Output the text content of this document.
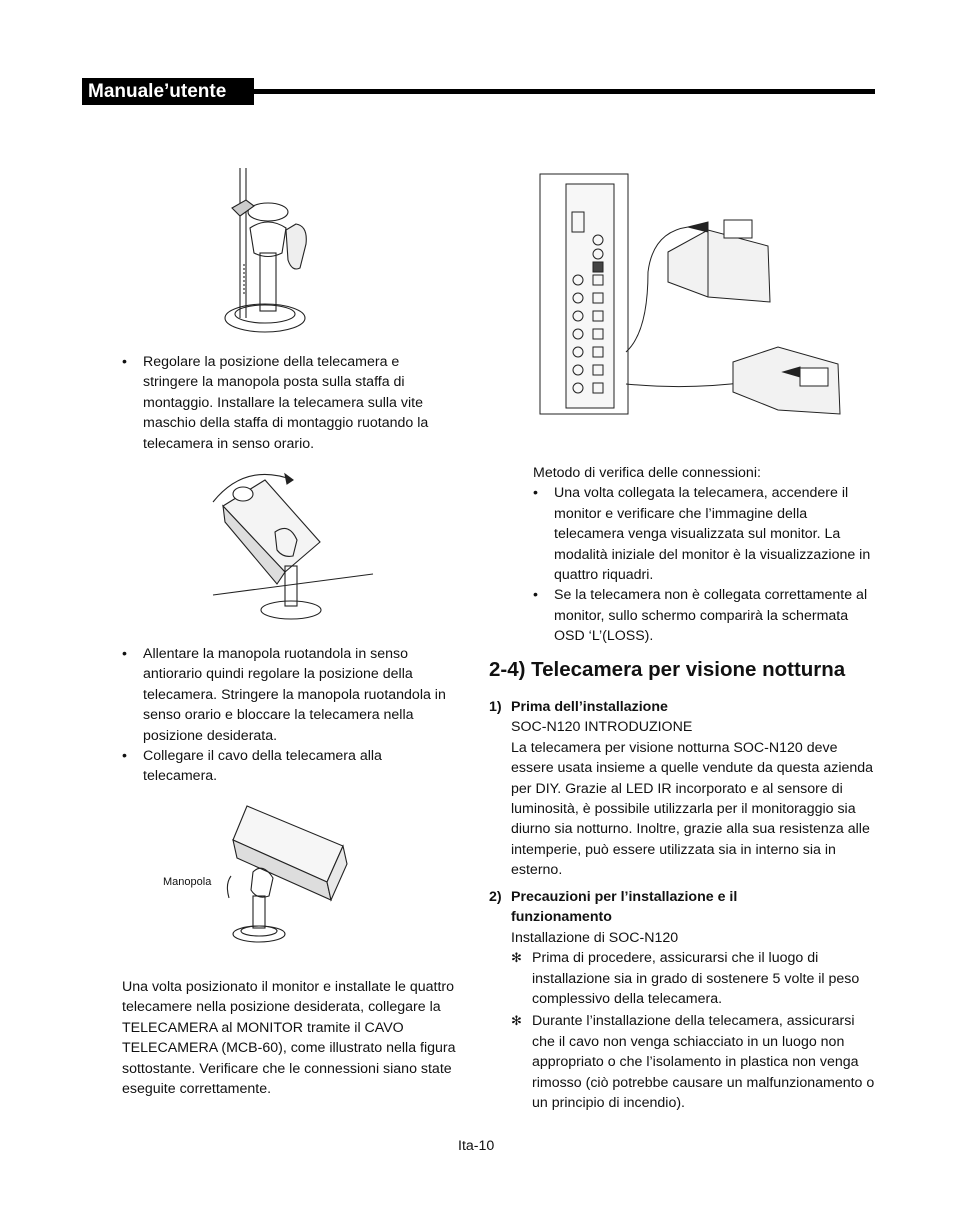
Manuale’utente
• Regolare la posizione della telecamera e stringere la manopola posta sulla staffa di montaggio. Installare la telecamera sulla vite maschio della staffa di montaggio ruotando la telecamera in senso orario.
• Allentare la manopola ruotandola in senso antiorario quindi regolare la posizione della telecamera. Stringere la manopola ruotandola in senso orario e bloccare la telecamera nella posizione desiderata.
• Collegare il cavo della telecamera alla telecamera.
Manopola

Una volta posizionato il monitor e installate le quattro telecamere nella posizione desiderata, collegare la TELECAMERA al MONITOR tramite il CAVO TELECAMERA (MCB-60), come illustrato nella figura sottostante. Verificare che le connessioni siano state eseguite correttamente.

Metodo di verifica delle connessioni:

• Una volta collegata la telecamera, accendere il monitor e verificare che l’immagine della telecamera venga visualizzata sul monitor. La modalità iniziale del monitor è la visualizzazione in quattro riquadri.
• Se la telecamera non è collegata correttamente al monitor, sullo schermo comparirà la schermata OSD ‘L’(LOSS).
2-4) Telecamera per visione notturna
1) Prima dell’installazione

SOC-N120 INTRODUZIONE

La telecamera per visione notturna SOC-N120 deve essere usata insieme a quelle vendute da questa azienda per DIY. Grazie al LED IR incorporato e al sensore di luminosità, è possibile utilizzarla per il monitoraggio sia diurno sia notturno. Inoltre, grazie alla sua resistenza alle intemperie, può essere utilizzata sia in interno sia in esterno.

2) Precauzioni per l’installazione e il funzionamento

Installazione di SOC-N120

✻ Prima di procedere, assicurarsi che il luogo di installazione sia in grado di sostenere 5 volte il peso complessivo della telecamera.
✻ Durante l’installazione della telecamera, assicurarsi che il cavo non venga schiacciato in un luogo non appropriato o che l’isolamento in plastica non venga rimosso (ciò potrebbe causare un malfunzionamento o un principio di incendio).
Ita-10
